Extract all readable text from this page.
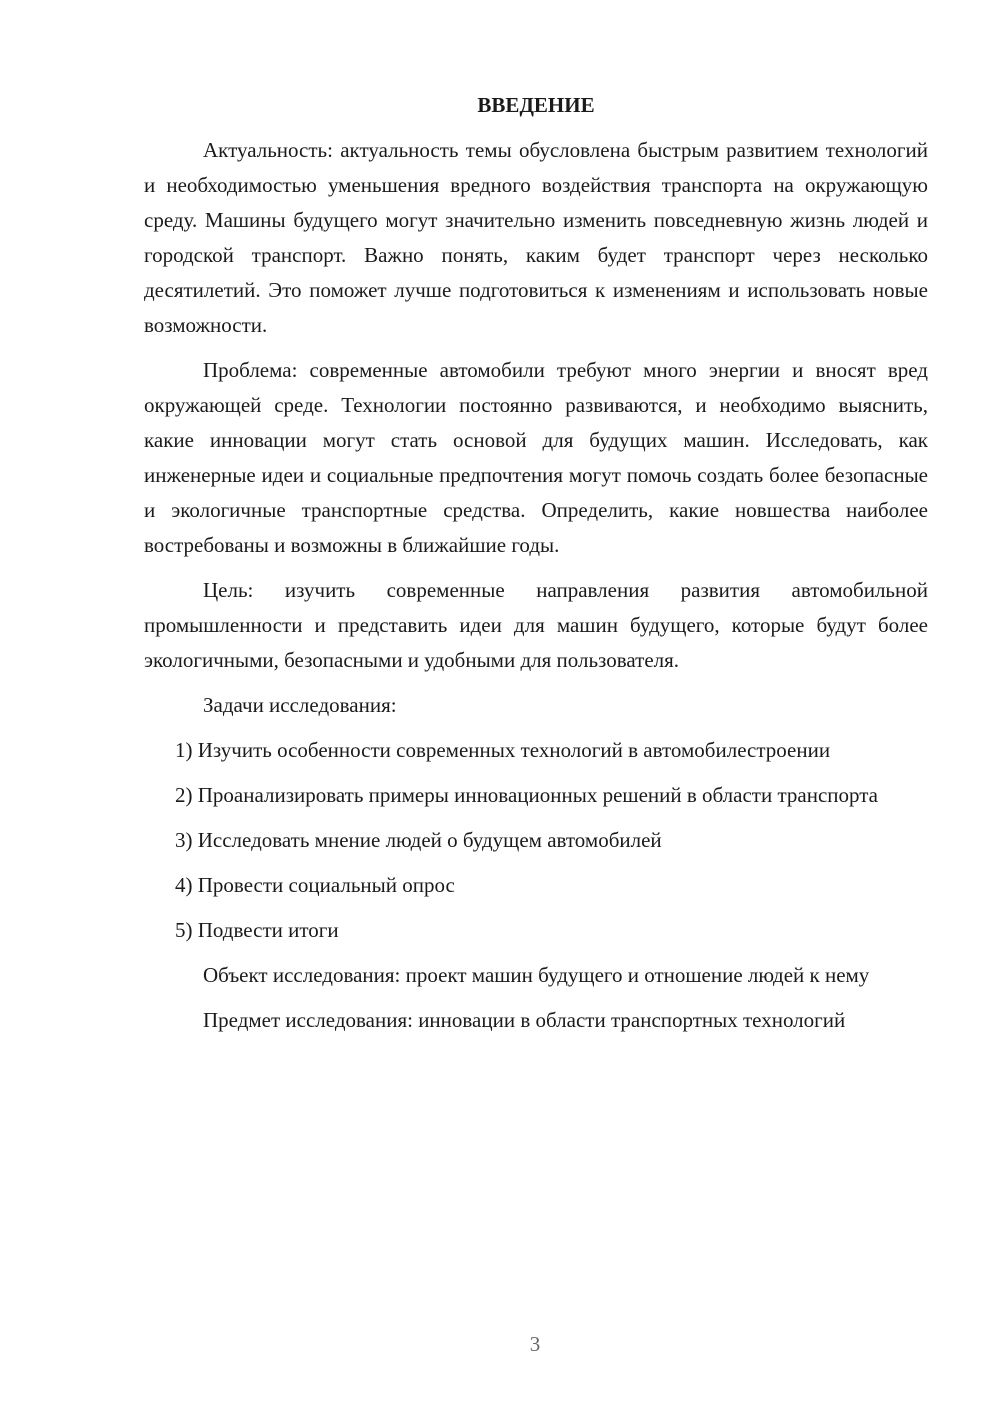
ВВЕДЕНИЕ
Актуальность: актуальность темы обусловлена быстрым развитием технологий и необходимостью уменьшения вредного воздействия транспорта на окружающую среду. Машины будущего могут значительно изменить повседневную жизнь людей и городской транспорт. Важно понять, каким будет транспорт через несколько десятилетий. Это поможет лучше подготовиться к изменениям и использовать новые возможности.
Проблема: современные автомобили требуют много энергии и вносят вред окружающей среде. Технологии постоянно развиваются, и необходимо выяснить, какие инновации могут стать основой для будущих машин. Исследовать, как инженерные идеи и социальные предпочтения могут помочь создать более безопасные и экологичные транспортные средства. Определить, какие новшества наиболее востребованы и возможны в ближайшие годы.
Цель: изучить современные направления развития автомобильной промышленности и представить идеи для машин будущего, которые будут более экологичными, безопасными и удобными для пользователя.
Задачи исследования:
1) Изучить особенности современных технологий в автомобилестроении
2) Проанализировать примеры инновационных решений в области транспорта
3) Исследовать мнение людей о будущем автомобилей
4) Провести социальный опрос
5) Подвести итоги
Объект исследования: проект машин будущего и отношение людей к нему
Предмет исследования: инновации в области транспортных технологий
3
